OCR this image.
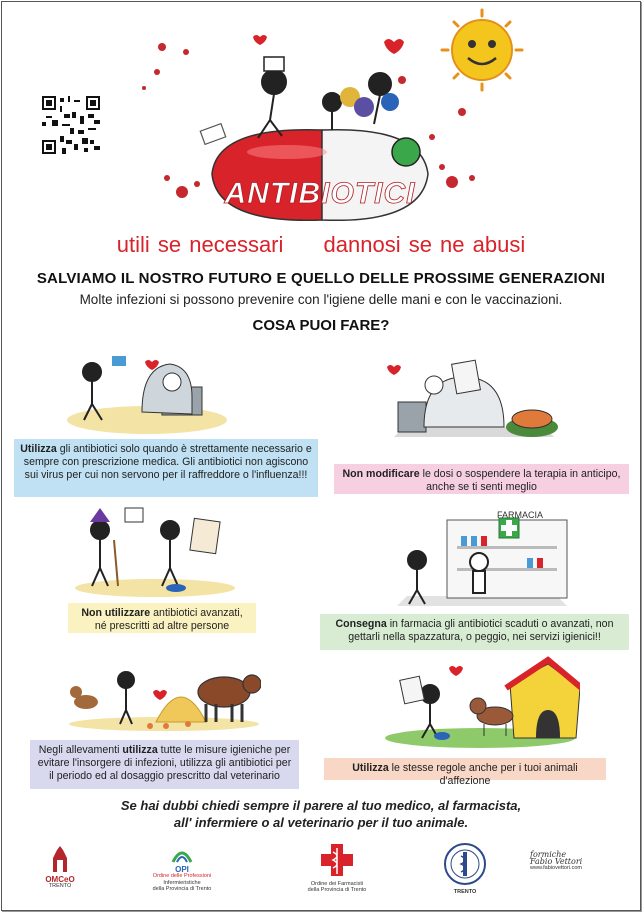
ANTIBIOTICI
utili se necessari dannosi se ne abusi
SALVIAMO IL NOSTRO FUTURO E QUELLO DELLE PROSSIME GENERAZIONI
Molte infezioni si possono prevenire con l'igiene delle mani e con le vaccinazioni.
COSA PUOI FARE?
Utilizza gli antibiotici solo quando è strettamente necessario e sempre con prescrizione medica. Gli antibiotici non agiscono sui virus per cui non servono per il raffreddore o l'influenza!!!	Non modificare le dosi o sospendere la terapia in anticipo, anche se ti senti meglio
Non utilizzare antibiotici avanzati, né prescritti ad altre persone
FARMACIA
Consegna in farmacia gli antibiotici scaduti o avanzati, non gettarli nella spazzatura, o peggio, nei servizi igienici!!
Negli allevamenti utilizza tutte le misure igieniche per evitare l'insorgere di infezioni, utilizza gli antibiotici per il periodo ed al dosaggio prescritto dal veterinario
Utilizza le stesse regole anche per i tuoi animali d'affezione
Se hai dubbi chiedi sempre il parere al tuo medico, al farmacista,
all' infermiere o al veterinario per il tuo animale.
OMCeO
TRENTO
OPI
Ordine delle Professioni
Infermieristiche
della Provincia di Trento
Ordine dei Farmacisti
della Provincia di Trento	TRENTO
formiche
Fabio Vettori
www.fabiovettori.com
